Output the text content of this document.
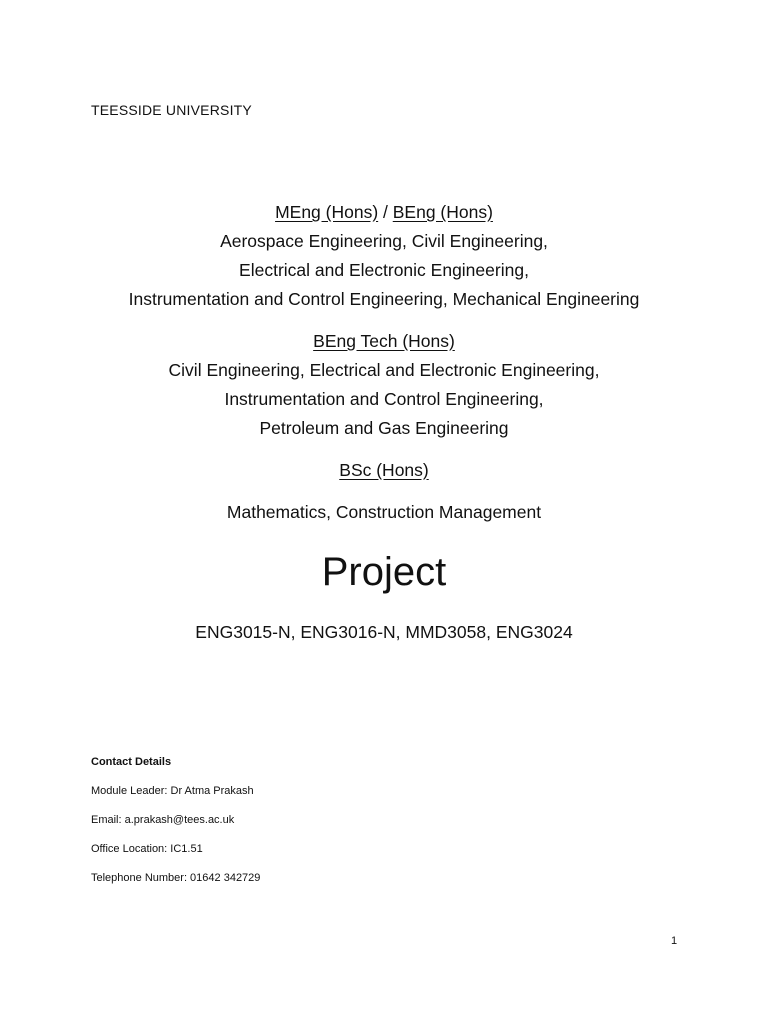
TEESSIDE UNIVERSITY
MEng (Hons) / BEng (Hons)
Aerospace Engineering, Civil Engineering,
Electrical and Electronic Engineering,
Instrumentation and Control Engineering, Mechanical Engineering
BEng Tech (Hons)
Civil Engineering, Electrical and Electronic Engineering,
Instrumentation and Control Engineering,
Petroleum and Gas Engineering
BSc (Hons)
Mathematics, Construction Management
Project
ENG3015-N, ENG3016-N, MMD3058, ENG3024
Contact Details
Module Leader: Dr Atma Prakash
Email: a.prakash@tees.ac.uk
Office Location: IC1.51
Telephone Number: 01642 342729
1
